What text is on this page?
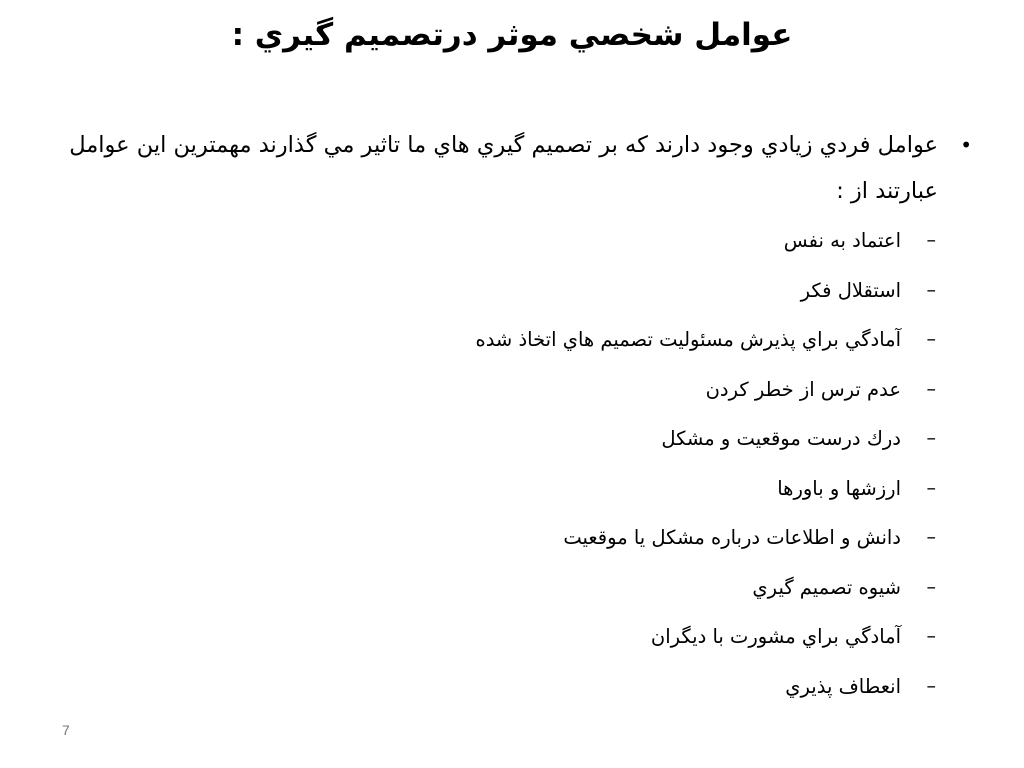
عوامل شخصي موثر درتصميم گيري :

•
عوامل فردي زيادي وجود دارند كه بر تصميم گيري هاي ما تاثير مي گذارند مهمترين اين عوامل عبارتند از :

–
اعتماد به نفس
–
استقلال فكر
–
آمادگي براي پذيرش مسئوليت تصميم هاي اتخاذ شده
–
عدم ترس از خطر كردن
–
درك درست موقعيت و مشكل
–
ارزشها و باورها
–
دانش و اطلاعات درباره مشكل يا موقعيت
–
شيوه تصميم گيري
–
آمادگي براي مشورت با ديگران
–
انعطاف پذيري
7
